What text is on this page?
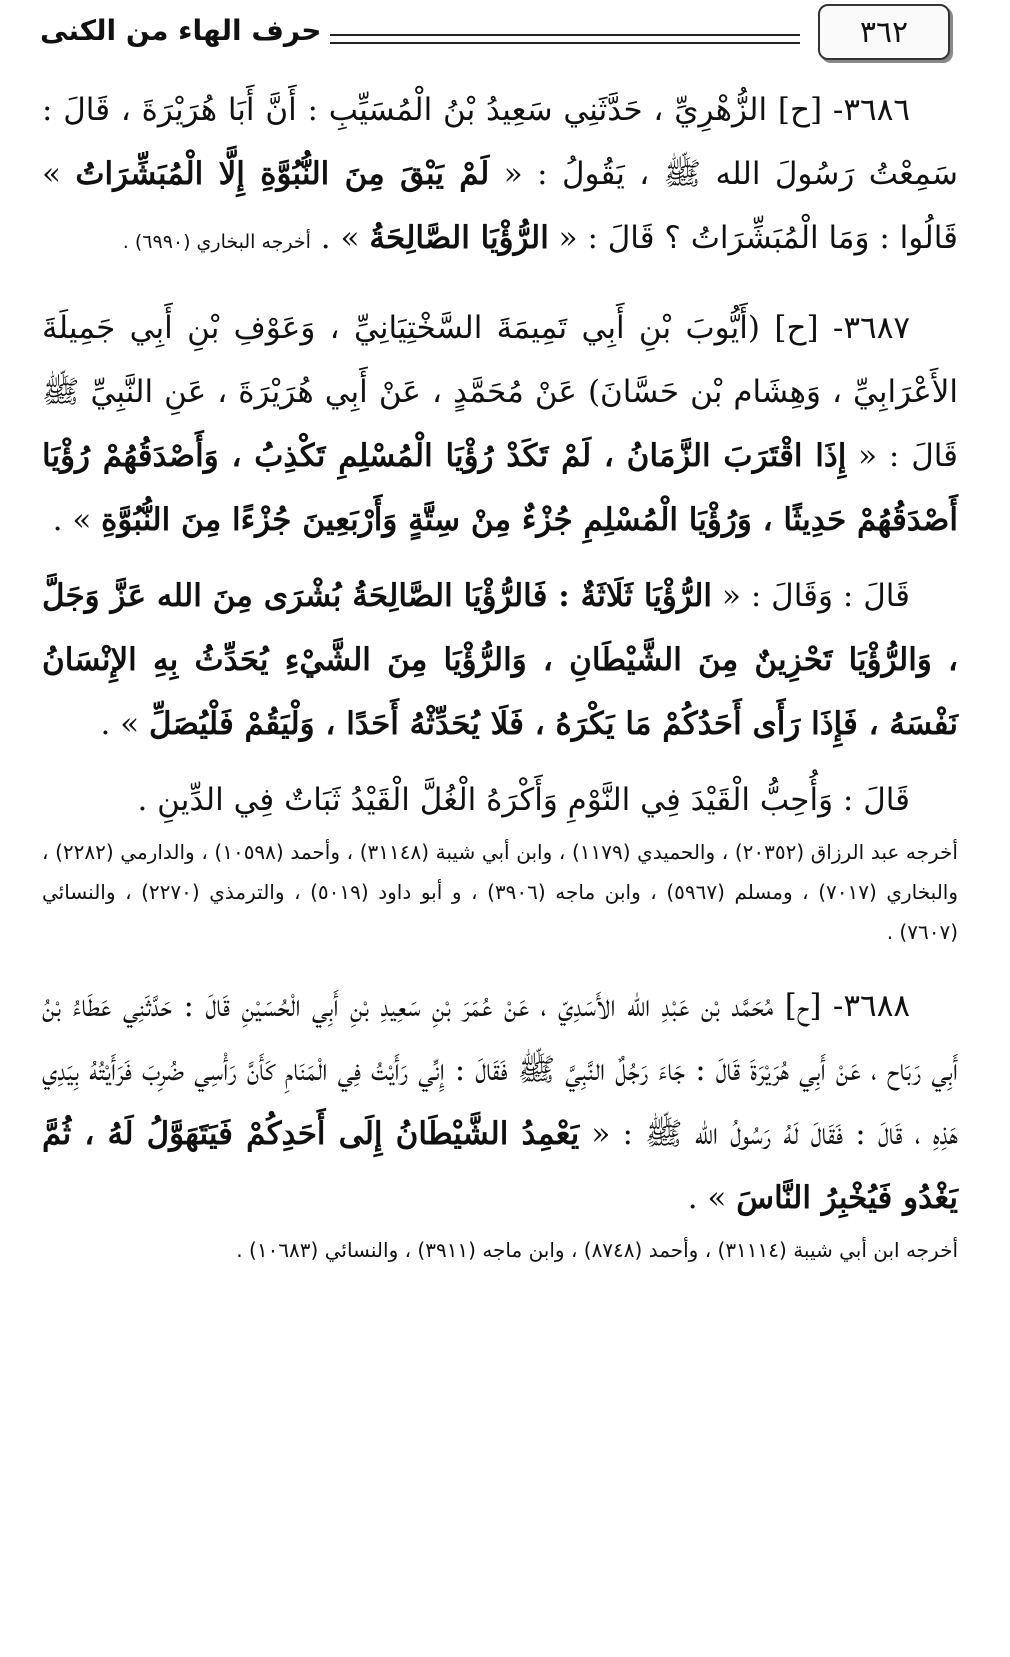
٣٦٢
حرف الهاء من الكنى

٣٦٨٦- [ح] الزُّهْرِيِّ ، حَدَّثَنِي سَعِيدُ بْنُ الْمُسَيِّبِ : أَنَّ أَبَا هُرَيْرَةَ ، قَالَ : سَمِعْتُ رَسُولَ الله ﷺ ، يَقُولُ : « لَمْ يَبْقَ مِنَ النُّبُوَّةِ إِلَّا الْمُبَشِّرَاتُ » قَالُوا : وَمَا الْمُبَشِّرَاتُ ؟ قَالَ : « الرُّؤْيَا الصَّالِحَةُ » . أخرجه البخاري (٦٩٩٠) .

٣٦٨٧- [ح] (أَيُّوبَ بْنِ أَبِي تَمِيمَةَ السَّخْتِيَانِيِّ ، وَعَوْفِ بْنِ أَبِي جَمِيلَةَ الأَعْرَابِيِّ ، وَهِشَام بْن حَسَّانَ) عَنْ مُحَمَّدٍ ، عَنْ أَبِي هُرَيْرَةَ ، عَنِ النَّبِيِّ ﷺ قَالَ : « إِذَا اقْتَرَبَ الزَّمَانُ ، لَمْ تَكَدْ رُؤْيَا الْمُسْلِمِ تَكْذِبُ ، وَأَصْدَقُهُمْ رُؤْيَا أَصْدَقُهُمْ حَدِيثًا ، وَرُؤْيَا الْمُسْلِمِ جُزْءٌ مِنْ سِتَّةٍ وَأَرْبَعِينَ جُزْءًا مِنَ النُّبُوَّةِ » .

قَالَ : وَقَالَ : « الرُّؤْيَا ثَلَاثَةٌ : فَالرُّؤْيَا الصَّالِحَةُ بُشْرَى مِنَ الله عَزَّ وَجَلَّ ، وَالرُّؤْيَا تَحْزِينٌ مِنَ الشَّيْطَانِ ، وَالرُّؤْيَا مِنَ الشَّيْءِ يُحَدِّثُ بِهِ الإِنْسَانُ نَفْسَهُ ، فَإِذَا رَأَى أَحَدُكُمْ مَا يَكْرَهُ ، فَلَا يُحَدِّثْهُ أَحَدًا ، وَلْيَقُمْ فَلْيُصَلِّ » .

قَالَ : وَأُحِبُّ الْقَيْدَ فِي النَّوْمِ وَأَكْرَهُ الْغُلَّ الْقَيْدُ ثَبَاتٌ فِي الدِّينِ .

أخرجه عبد الرزاق (٢٠٣٥٢) ، والحميدي (١١٧٩) ، وابن أبي شيبة (٣١١٤٨) ، وأحمد (١٠٥٩٨) ، والدارمي (٢٢٨٢) ، والبخاري (٧٠١٧) ، ومسلم (٥٩٦٧) ، وابن ماجه (٣٩٠٦) ، و أبو داود (٥٠١٩) ، والترمذي (٢٢٧٠) ، والنسائي (٧٦٠٧) .

٣٦٨٨- [ح] مُحَمَّد بْن عَبْدِ الله الأَسَدِيّ ، عَنْ عُمَرَ بْنِ سَعِيدِ بْنِ أَبِي الْحُسَيْنِ قَالَ : حَدَّثَنِي عَطَاءُ بْنُ أَبِي رَبَاح ، عَنْ أَبِي هُرَيْرَةَ قَالَ : جَاءَ رَجُلٌ النَّبِيَّ ﷺ فَقَالَ : إِنِّي رَأَيْتُ فِي الْمَنَامِ كَأَنَّ رَأْسِي ضُرِبَ فَرَأَيْتُهُ بِيَدِي هَذِهِ ، قَالَ : فَقَالَ لَهُ رَسُولُ الله ﷺ : « يَعْمِدُ الشَّيْطَانُ إِلَى أَحَدِكُمْ فَيَتَهَوَّلُ لَهُ ، ثُمَّ يَغْدُو فَيُخْبِرُ النَّاسَ » .

أخرجه ابن أبي شيبة (٣١١١٤) ، وأحمد (٨٧٤٨) ، وابن ماجه (٣٩١١) ، والنسائي (١٠٦٨٣) .
